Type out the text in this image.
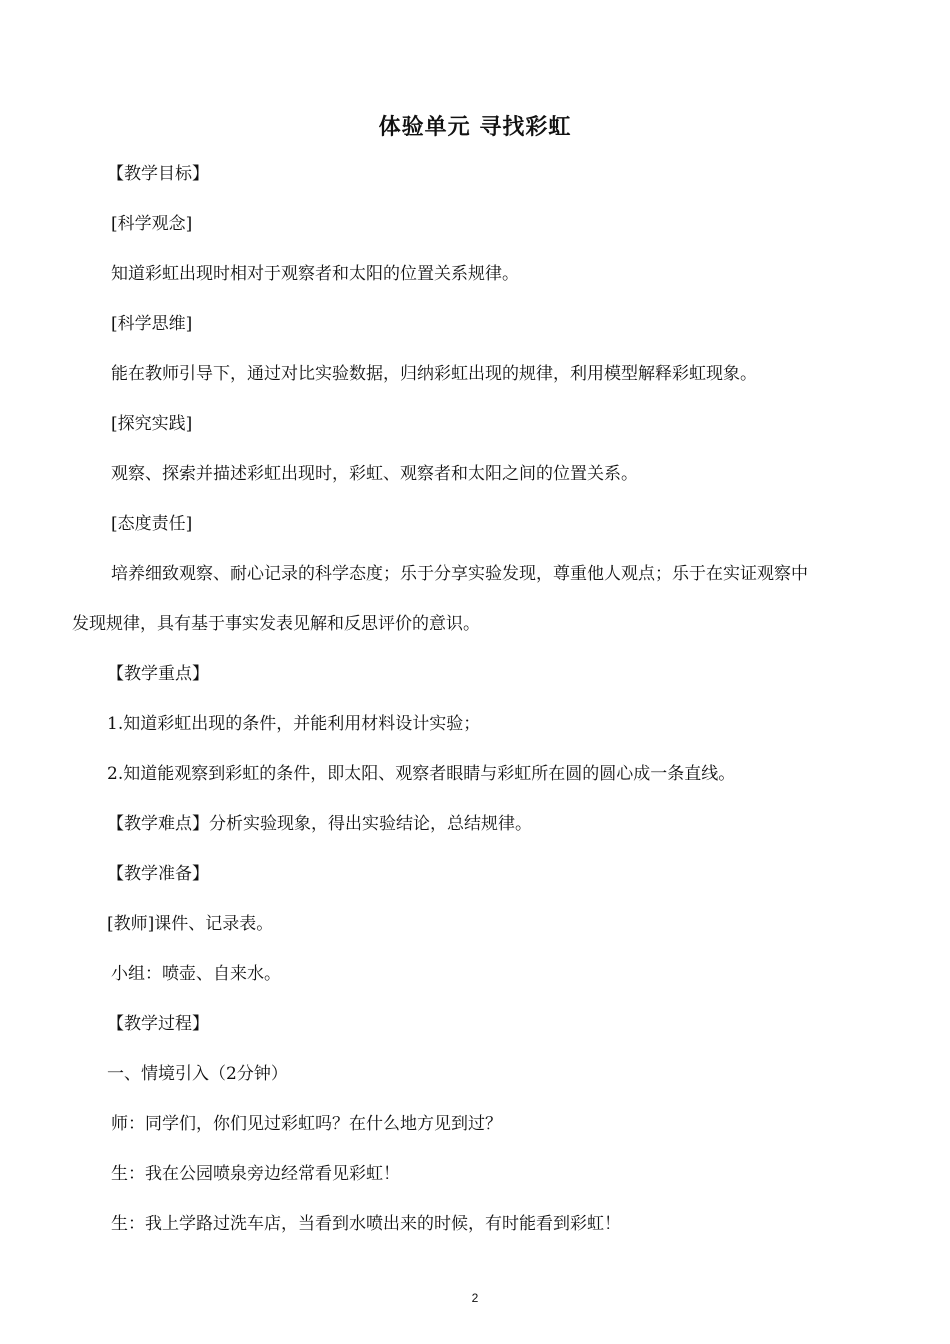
体验单元 寻找彩虹
【教学目标】
[科学观念]
知道彩虹出现时相对于观察者和太阳的位置关系规律。
[科学思维]
能在教师引导下，通过对比实验数据，归纳彩虹出现的规律，利用模型解释彩虹现象。
[探究实践]
观察、探索并描述彩虹出现时，彩虹、观察者和太阳之间的位置关系。
[态度责任]
培养细致观察、耐心记录的科学态度；乐于分享实验发现，尊重他人观点；乐于在实证观察中
发现规律，具有基于事实发表见解和反思评价的意识。
【教学重点】
1.知道彩虹出现的条件，并能利用材料设计实验；
2.知道能观察到彩虹的条件，即太阳、观察者眼睛与彩虹所在圆的圆心成一条直线。
【教学难点】分析实验现象，得出实验结论，总结规律。
【教学准备】
[教师]课件、记录表。
小组：喷壶、自来水。
【教学过程】
一、情境引入（2分钟）
师：同学们，你们见过彩虹吗？在什么地方见到过？
生：我在公园喷泉旁边经常看见彩虹！
生：我上学路过洗车店，当看到水喷出来的时候，有时能看到彩虹！
2
